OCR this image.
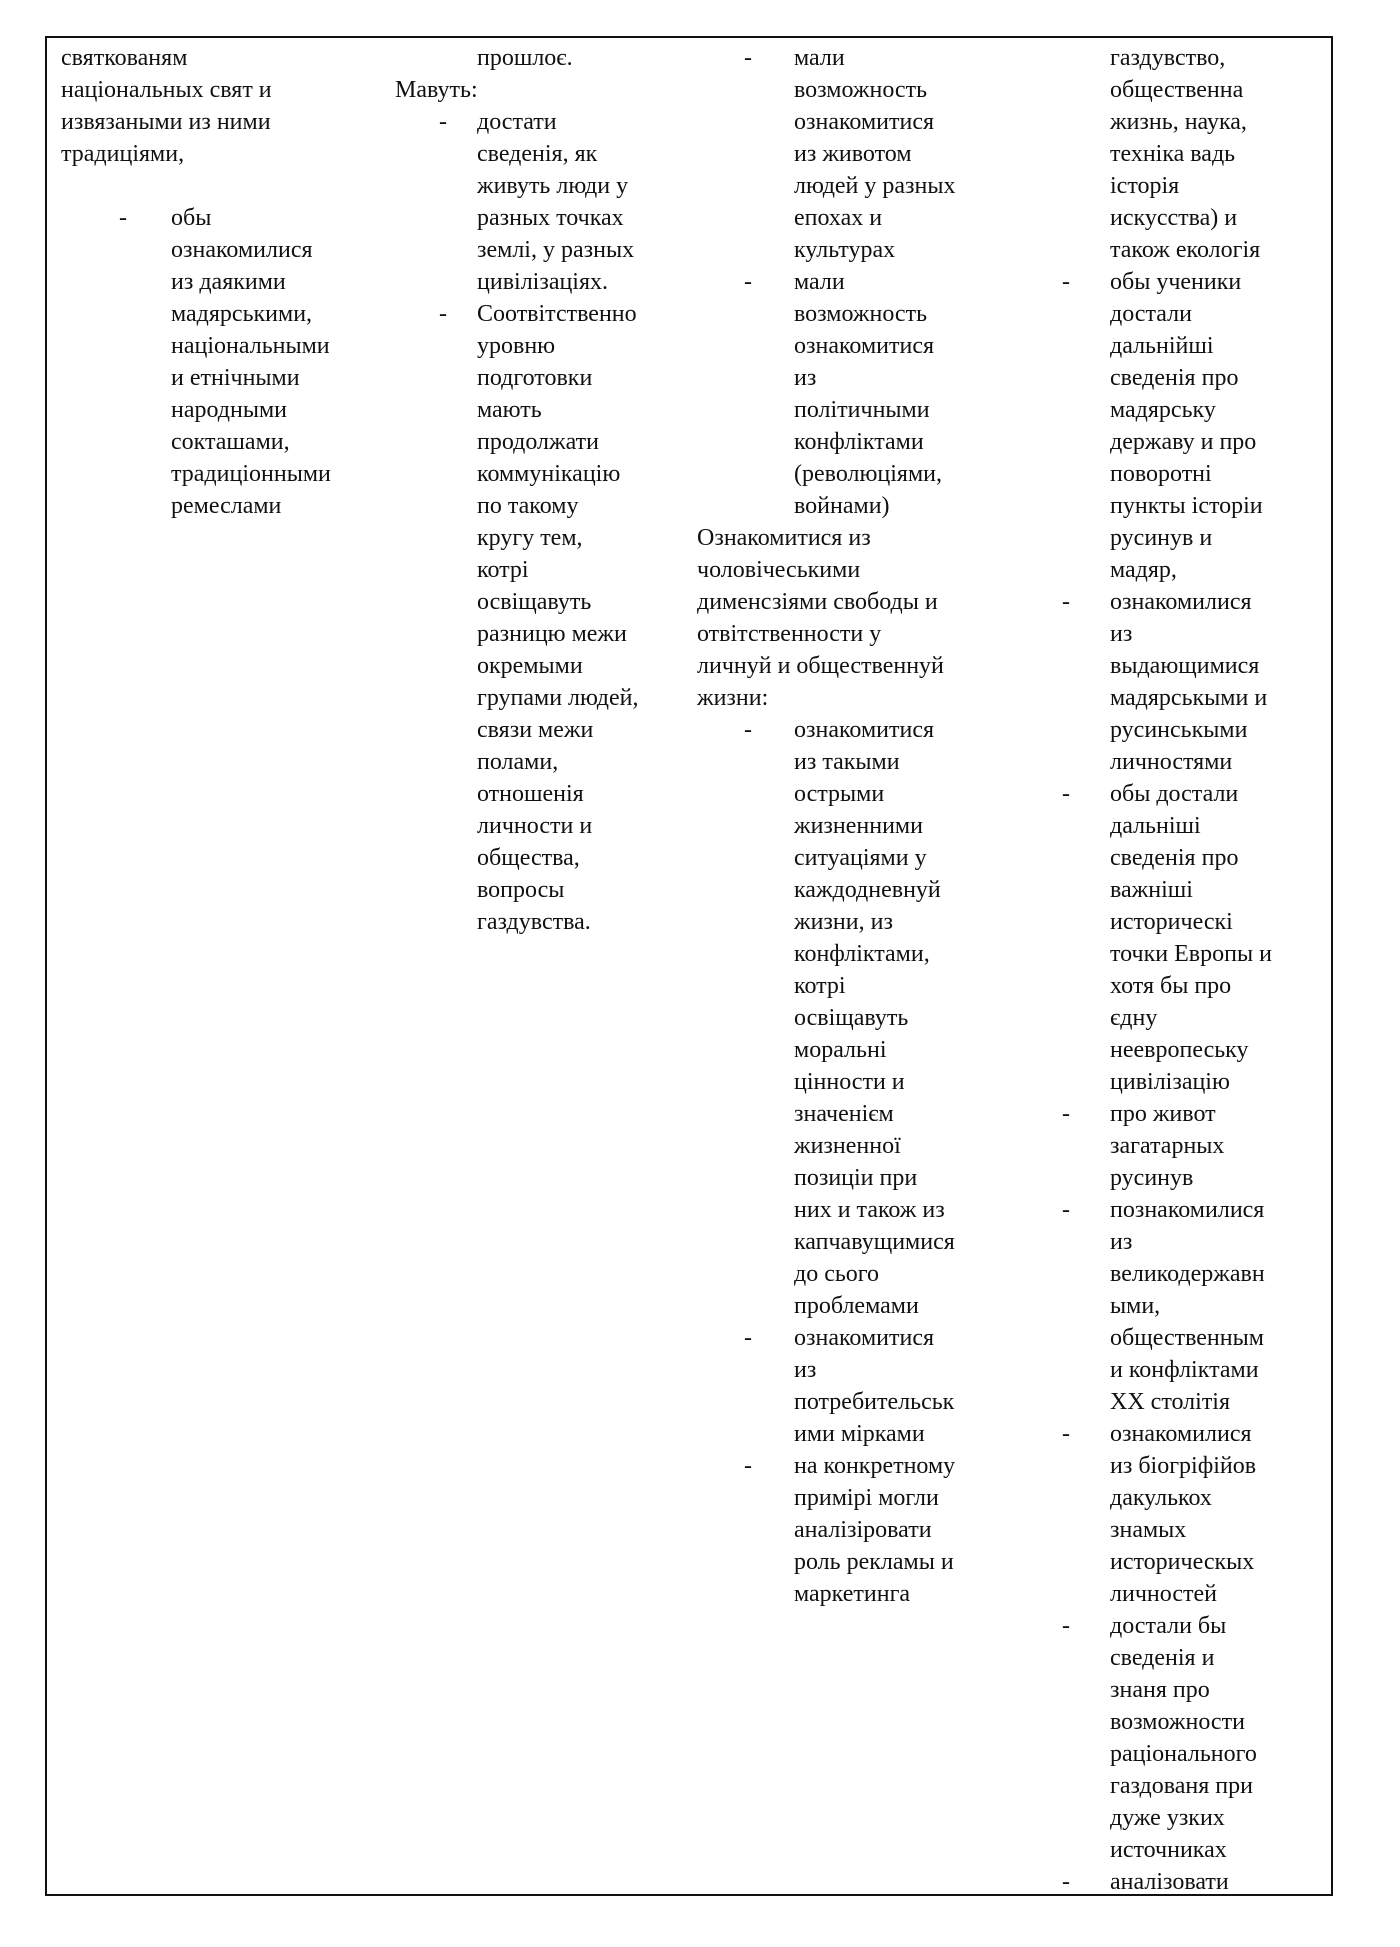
святкованям
національных свят и
извязаными из ними
традиціями,
- обы
ознакомилися
из даякими
мадярськими,
національными
и етнічными
народными
сокташами,
традиціонными
ремеслами
прошлоє.
Мавуть:
- достати
сведенія, як
живуть люди у
разных точках
землі, у разных
цивілізаціях.
- Соотвітственно
уровню
подготовки
мають
продолжати
коммунікацію
по такому
кругу тем,
котрі
освіщавуть
разницю межи
окремыми
групами людей,
связи межи
полами,
отношенія
личности и
общества,
вопросы
газдувства.
- мали
возможность
ознакомитися
из животом
людей у разных
епохах и
культурах
- мали
возможность
ознакомитися
из
політичными
конфліктами
(революціями,
войнами)
Ознакомитися из
чоловічеськими
дименсзіями свободы и
отвітственности у
личнуй и общественнуй
жизни:
- ознакомитися
из такыми
острыми
жизненними
ситуаціями у
каждодневнуй
жизни, из
конфліктами,
котрі
освіщавуть
моральні
цінности и
значенієм
жизненної
позиціи при
них и також из
капчавущимися
до сього
проблемами
- ознакомитися
из
потребительськ
ими мірками
- на конкретному
примірі могли
аналізіровати
роль рекламы и
маркетинга
газдувство,
общественна
жизнь, наука,
техніка вадь
історія
искусства) и
також екологія
- обы ученики
достали
дальнійші
сведенія про
мадярську
державу и про
поворотні
пункты історіи
русинув и
мадяр,
- ознакомилися
из
выдающимися
мадярськыми и
русинськыми
личностями
- обы достали
дальніші
сведенія про
важніші
историческі
точки Европы и
хотя бы про
єдну
неевропеську
цивілізацію
- про живот
загатарных
русинув
- познакомилися
из
великодержавн
ыми,
общественным
и конфліктами
XX столітія
- ознакомилися
из біогріфійов
дакулькох
знамых
историческых
личностей
- достали бы
сведенія и
знаня про
возможности
раціонального
газдованя при
дуже узких
источниках
- аналізовати
